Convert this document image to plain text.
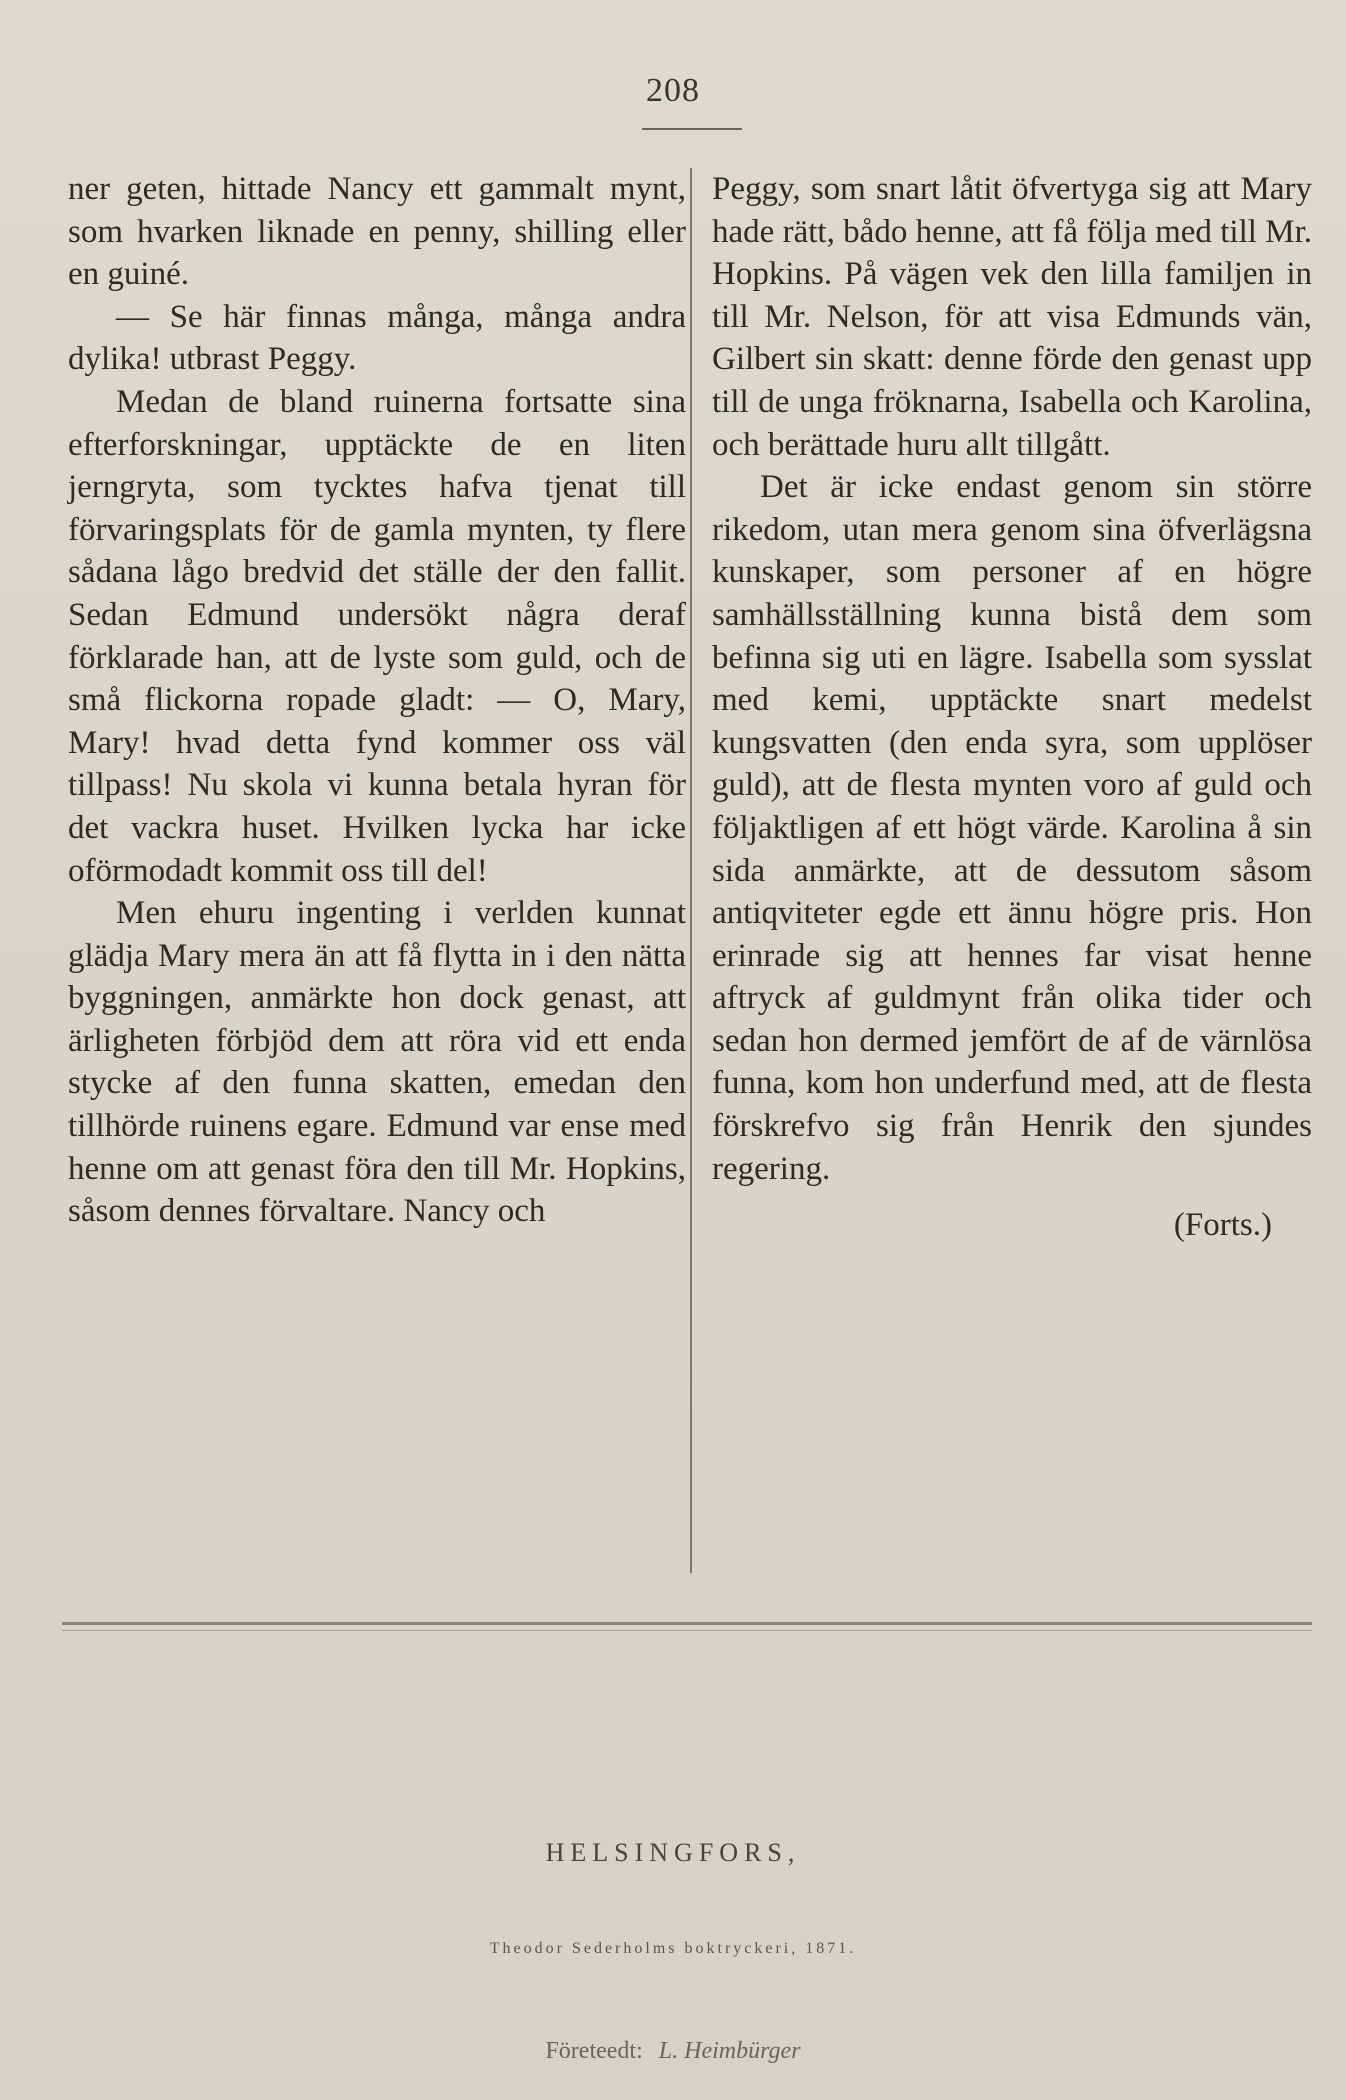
208

ner geten, hittade Nancy ett gammalt mynt, som hvarken liknade en penny, shilling eller en guiné.

— Se här finnas många, många andra dylika! utbrast Peggy.

Medan de bland ruinerna fortsatte sina efterforskningar, upptäckte de en liten jerngryta, som tycktes hafva tjenat till förvaringsplats för de gamla mynten, ty flere sådana lågo bredvid det ställe der den fallit. Sedan Edmund undersökt några deraf förklarade han, att de lyste som guld, och de små flickorna ropade gladt: — O, Mary, Mary! hvad detta fynd kommer oss väl tillpass! Nu skola vi kunna betala hyran för det vackra huset. Hvilken lycka har icke oförmodadt kommit oss till del!

Men ehuru ingenting i verlden kunnat glädja Mary mera än att få flytta in i den nätta byggningen, anmärkte hon dock genast, att ärligheten förbjöd dem att röra vid ett enda stycke af den funna skatten, emedan den tillhörde ruinens egare. Edmund var ense med henne om att genast föra den till Mr. Hopkins, såsom dennes förvaltare. Nancy och

Peggy, som snart låtit öfvertyga sig att Mary hade rätt, bådo henne, att få följa med till Mr. Hopkins. På vägen vek den lilla familjen in till Mr. Nelson, för att visa Edmunds vän, Gilbert sin skatt: denne förde den genast upp till de unga fröknarna, Isabella och Karolina, och berättade huru allt tillgått.

Det är icke endast genom sin större rikedom, utan mera genom sina öfverlägsna kunskaper, som personer af en högre samhällsställning kunna bistå dem som befinna sig uti en lägre. Isabella som sysslat med kemi, upptäckte snart medelst kungsvatten (den enda syra, som upplöser guld), att de flesta mynten voro af guld och följaktligen af ett högt värde. Karolina å sin sida anmärkte, att de dessutom såsom antiqviteter egde ett ännu högre pris. Hon erinrade sig att hennes far visat henne aftryck af guldmynt från olika tider och sedan hon dermed jemfört de af de värnlösa funna, kom hon underfund med, att de flesta förskrefvo sig från Henrik den sjundes regering.

(Forts.)

HELSINGFORS,
Theodor Sederholms boktryckeri, 1871.
Företeedt: L. Heimbürger
